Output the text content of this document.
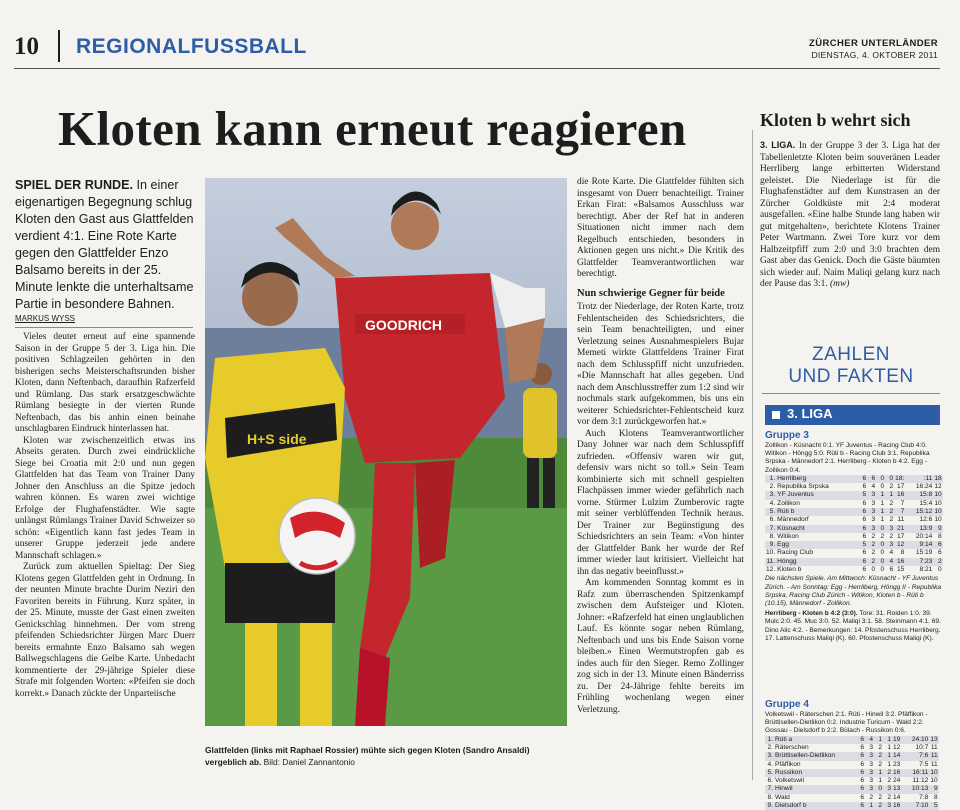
10 REGIONALFUSSBALL	ZÜRCHER UNTERLÄNDER
DIENSTAG, 4. OKTOBER 2011
Kloten kann erneut reagieren	Kloten b wehrt sich
SPIEL DER RUNDE. In einer eigenartigen Begegnung schlug Kloten den Gast aus Glattfelden verdient 4:1. Eine Rote Karte gegen den Glattfelder Enzo Balsamo bereits in der 25. Minute lenkte die unterhaltsame Partie in besondere Bahnen.
MARKUS WYSS

Vieles deutet erneut auf eine spannende Saison in der Gruppe 5 der 3. Liga hin. Die positiven Schlagzeilen gehörten in den bisherigen sechs Meisterschaftsrunden bisher Kloten, dann Neftenbach, daraufhin Rafzerfeld und Rümlang. Das stark ersatzgeschwächte Rümlang besiegte in der vierten Runde Neftenbach, das bis anhin einen beinahe unschlagbaren Eindruck hinterlassen hat.

Kloten war zwischenzeitlich etwas ins Abseits geraten. Durch zwei eindrückliche Siege bei Croatia mit 2:0 und nun gegen Glattfelden hat das Team von Trainer Dany Johner den Anschluss an die Spitze jedoch wahren können. Es waren zwei wichtige Erfolge der Flughafenstädter. Wie sagte unlängst Rümlangs Trainer David Schweizer so schön: «Eigentlich kann fast jedes Team in unserer Gruppe jederzeit jede andere Mannschaft schlagen.»

Zurück zum aktuellen Spieltag: Der Sieg Klotens gegen Glattfelden geht in Ordnung. In der neunten Minute brachte Durim Neziri den Favoriten bereits in Führung. Kurz später, in der 25. Minute, musste der Gast einen zweiten Genickschlag hinnehmen. Der vom streng pfeifenden Schiedsrichter Jürgen Marc Duerr bereits ermahnte Enzo Balsamo sah wegen Ballwegschlagens die Gelbe Karte. Unbedacht kommentierte der 29-jährige Spieler diese Strafe mit folgenden Worten: «Pfeifen sie doch korrekt.» Danach zückte der Unparteiische

GOODRICH
H+S side
Glattfelden (links mit Raphael Rossier) mühte sich gegen Kloten (Sandro Ansaldi) vergeblich ab. Bild: Daniel Zannantonio

die Rote Karte. Die Glattfelder fühlten sich insgesamt von Duerr benachteiligt. Trainer Erkan Firat: «Balsamos Ausschluss war berechtigt. Aber der Ref hat in anderen Situationen nicht immer nach dem Regelbuch entschieden, besonders in Aktionen gegen uns nicht.» Die Kritik des Glattfelder Teamverantwortlichen war berechtigt.

Nun schwierige Gegner für beide

Trotz der Niederlage, der Roten Karte, trotz Fehlentscheiden des Schiedsrichters, die sein Team benachteiligten, und einer Verletzung seines Ausnahmespielers Bujar Memeti wirkte Glattfeldens Trainer Firat nach dem Schlusspfiff nicht unzufrieden. «Die Mannschaft hat alles gegeben. Und nach dem Anschlusstreffer zum 1:2 sind wir nochmals stark aufgekommen, bis uns ein weiterer Schiedsrichter-Fehlentscheid kurz vor dem 3:1 zurückgeworfen hat.»

Auch Klotens Teamverantwortlicher Dany Johner war nach dem Schlusspfiff zufrieden. «Offensiv waren wir gut, defensiv wars nicht so toll.» Sein Team kombinierte sich mit schnell gespielten Flachpässen immer wieder gefährlich nach vorne. Stürmer Lulzim Zumberovic ragte mit seiner verblüffenden Technik heraus. Der Trainer zur Begünstigung des Schiedsrichters an sein Team: «Von hinter der Glattfelder Bank her wurde der Ref immer wieder laut kritisiert. Vielleicht hat ihn das negativ beeinflusst.»

Am kommenden Sonntag kommt es in Rafz zum überraschenden Spitzenkampf zwischen dem Aufsteiger und Kloten. Johner: «Rafzerfeld hat einen unglaublichen Lauf. Es könnte sogar neben Rümlang, Neftenbach und uns bis Ende Saison vorne bleiben.» Einen Wermutstropfen gab es indes auch für den Sieger. Remo Zollinger zog sich in der 13. Minute einen Bänderriss zu. Der 24-Jährige fehlte bereits im Frühling wochenlang wegen einer Verletzung.

3. LIGA. In der Gruppe 3 der 3. Liga hat der Tabellenletzte Kloten beim souveränen Leader Herrliberg lange erbitterten Widerstand geleistet. Die Niederlage ist für die Flughafenstädter auf dem Kunstrasen an der Zürcher Goldküste mit 2:4 moderat ausgefallen. «Eine halbe Stunde lang haben wir gut mitgehalten», berichtete Klotens Trainer Peter Wartmann. Zwei Tore kurz vor dem Halbzeitpfiff zum 2:0 und 3:0 brachten dem Gast aber das Genick. Doch die Gäste bäumten sich wieder auf. Naim Maliqi gelang kurz nach der Pause das 3:1. (mw)

ZAHLEN
UND FAKTEN
3. LIGA
Gruppe 3
Zollikon - Küsnacht 0:1. YF Juventus - Racing Club 4:0. Witikon - Höngg 5:0. Rüti b - Racing Club 3:1. Republika Srpska - Männedorf 2:1. Herrliberg - Kloten b 4:2. Egg - Zollikon 0:4.
1.	Herrliberg	6	6	0	0	18:	:11	18
2.	Republika Srpska	6	4	0	2	17	16:24	12
3.	YF Juventus	5	3	1	1	16	15:8	10
4.	Zollikon	6	3	1	2	7	15:4	10
5.	Rüti b	6	3	1	2	7	15:12	10
6.	Männedorf	6	3	1	2	11	12:6	10
7.	Küsnacht	6	3	0	3	21	13:9	9
8.	Witikon	6	2	2	2	17	20:14	8
9.	Egg	5	2	0	3	12	9:14	6
10.	Racing Club	6	2	0	4	8	15:19	6
11.	Höngg	6	2	0	4	16	7:23	2
12.	Kloten b	6	0	0	6	15	8:21	0
Die nächsten Spiele. Am Mittwoch: Küsnacht - YF Juventus Zürich. - Am Sonntag: Egg - Herrliberg, Höngg II - Republika Srpska, Racing Club Zürich - Witikon, Kloten b - Rüti b (10.15), Männedorf - Zollikon.
Herrliberg - Kloten b 4:2 (3:0). Tore: 31. Roiden 1:0. 39. Mulc 2:0. 45. Muc 3:0. 52. Maliqi 3:1. 58. Steinmann 4:1. 69. Dino Alic 4:2. - Bemerkungen: 14. Pfostenschuss Herrliberg. 17. Lattenschuss Maliqi (K). 60. Pfostenschuss Maliqi (K).
Gruppe 4
Volketswil - Räterschen 2:1. Rüti - Hinwil 3:2. Pfäffikon - Brüttisellen-Dietlikon 0:2. Industrie Turicum - Wald 2:2. Gossau - Dielsdorf b 2:2. Bülach - Russikon 0:6.
1.	Rüti a	6	4	1	1	19	24:10	13
2.	Räterschen	6	3	2	1	12	10:7	11
3.	Brüttisellen-Dietlikon	6	3	2	1	14	7:6	11
4.	Pfäffikon	6	3	2	1	23	7:5	11
5.	Russikon	6	3	1	2	16	16:11	10
6.	Volketswil	6	3	1	2	24	11:12	10
7.	Hinwil	6	3	0	3	13	10:13	9
8.	Wald	6	2	2	2	14	7:8	8
9.	Dielsdorf b	6	1	2	3	16	7:10	5
